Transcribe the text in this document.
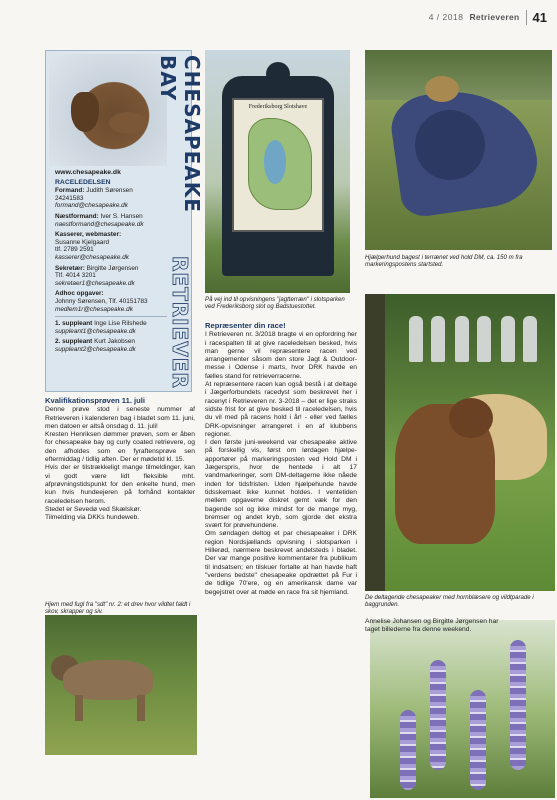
4 / 2018 Retrieveren	41
CHESAPEAKE BAY
RETRIEVER
www.chesapeake.dk
RACELEDELSEN
Formand: Judith Sørensen
24241583
formand@chesapeake.dk
Næstformand: Iver S. Hansen
naestformand@chesapeake.dk
Kasserer, webmaster:
Susanne Kjelgaard
tlf. 2789 2591
kasserer@chesapeake.dk
Sekretær: Birgitte Jørgensen
Tlf. 4014 3201
sekretaer1@chesapeake.dk
Adhoc opgaver:
Johnny Sørensen, Tlf. 40151783
medlem1r@chesapeake.dk
1. suppleant Inge Lise Rilshede
suppleant1@chesapeake.dk
2. suppleant Kurt Jakobsen
suppleant2@chesapeake.dk
Kvalifikationsprøven 11. juli

Denne prøve stod i seneste nummer af Retrieveren i kalenderen bag i bladet som 11. juni, men datoen er altså onsdag d. 11. juli!

Kresten Henriksen dømmer prøven, som er åben for chesapeake bay og curly coated retrievere, og den afholdes som en fyraftensprøve sen eftermiddag / tidlig aften. Der er mødetid kl. 15.

Hvis der er tilstrækkeligt mange tilmeldinger, kan vi godt være lidt fleksible mht. afprøvningstidspunkt for den enkelte hund, men kun hvis hundeejeren på forhånd kontakter raceledelsen herom.

Stedet er Sevedø ved Skælskør.

Tilmelding via DKKs hundeweb.

Hjem med fugl fra "sdt" nr. 2: et drev hvor vildtet faldt i skov, skrapper og siv.
Frederiksborg Slotshave
På vej ind til opvisningens "jagtterræn" i slotsparken ved Frederiksborg slot og Badstuestottet.
Repræsenter din race!

I Retrieveren nr. 3/2018 bragte vi en opfordring her i racespalten til at give raceledelsen besked, hvis man gerne vil repræsentere racen ved arrangementer såsom den store Jagt & Outdoor-messe i Odense i marts, hvor DRK havde en fælles stand for retrieverracerne.

At repræsentere racen kan også bestå i at deltage i Jægerforbundets racedyst som beskrevet her i racenyt i Retrieveren nr. 3-2018 – det er lige straks sidste frist for at give besked til raceledelsen, hvis du vil med på racens hold i år! - eller ved fælles DRK-opvisninger arrangeret i en af klubbens regioner.

I den første juni-weekend var chesapeake aktive på forskellig vis, først om lørdagen hjælpe-apportører på markeringsposten ved Hold DM i Jægerspris, hvor de hentede i alt 17 vandmarkeringer, som DM-deltagerne ikke nåede inden for tidsfristen. Uden hjælpehunde havde tidsskemaet ikke kunnet holdes. I ventetiden mellem opgaverne diskret gemt væk for den bagende sol og ikke mindst for de mange myg, bremser og andet kryb, som gjorde det ekstra svært for prøvehundene.

Om søndagen deltog et par chesapeaker i DRK region Nordsjællands opvisning i slotsparken i Hillerød, nærmere beskrevet andetsteds i bladet. Der var mange positive kommentarer fra publikum til indsatsen; en tilskuer fortalte at han havde haft "verdens bedste" chesapeake opdrættet på Fur i de tidlige 70'ere, og en amerikansk dame var begejstret over at møde en race fra sit hjemland.

Hjælperhund bagest i terrænet ved hold DM, ca. 150 m fra markeringspostens startsted.
De deltagende chesapeaker med hornblæsere og vildtparade i baggrunden.
Annelise Johansen og Birgitte Jørgensen har taget billederne fra denne weekend.
